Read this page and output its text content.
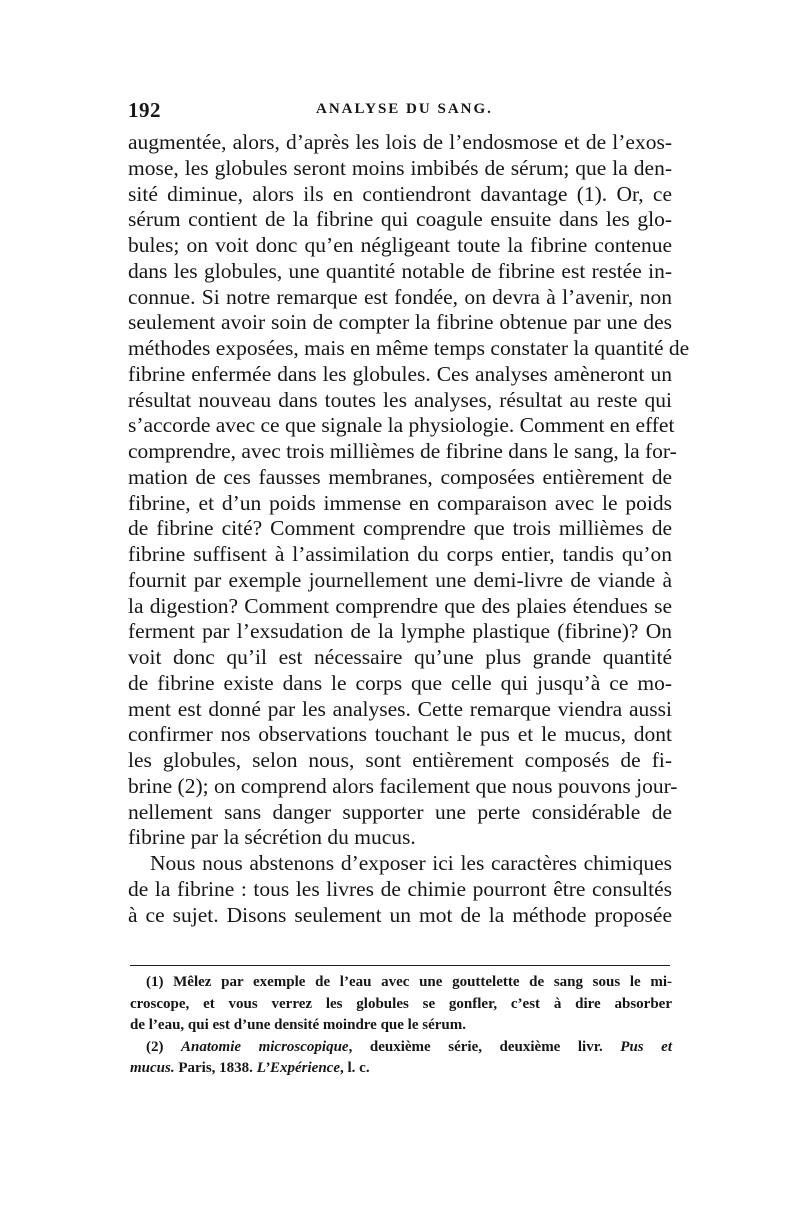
192	ANALYSE DU SANG.
augmentée, alors, d’après les lois de l’endosmose et de l’exos-
mose, les globules seront moins imbibés de sérum; que la den-
sité diminue, alors ils en contiendront davantage (1). Or, ce
sérum contient de la fibrine qui coagule ensuite dans les glo-
bules; on voit donc qu’en négligeant toute la fibrine contenue
dans les globules, une quantité notable de fibrine est restée in-
connue. Si notre remarque est fondée, on devra à l’avenir, non
seulement avoir soin de compter la fibrine obtenue par une des
méthodes exposées, mais en même temps constater la quantité de
fibrine enfermée dans les globules. Ces analyses amèneront un
résultat nouveau dans toutes les analyses, résultat au reste qui
s’accorde avec ce que signale la physiologie. Comment en effet
comprendre, avec trois millièmes de fibrine dans le sang, la for-
mation de ces fausses membranes, composées entièrement de
fibrine, et d’un poids immense en comparaison avec le poids
de fibrine cité? Comment comprendre que trois millièmes de
fibrine suffisent à l’assimilation du corps entier, tandis qu’on
fournit par exemple journellement une demi-livre de viande à
la digestion? Comment comprendre que des plaies étendues se
ferment par l’exsudation de la lymphe plastique (fibrine)? On
voit donc qu’il est nécessaire qu’une plus grande quantité
de fibrine existe dans le corps que celle qui jusqu’à ce mo-
ment est donné par les analyses. Cette remarque viendra aussi
confirmer nos observations touchant le pus et le mucus, dont
les globules, selon nous, sont entièrement composés de fi-
brine (2); on comprend alors facilement que nous pouvons jour-
nellement sans danger supporter une perte considérable de
fibrine par la sécrétion du mucus.
Nous nous abstenons d’exposer ici les caractères chimiques
de la fibrine : tous les livres de chimie pourront être consultés
à ce sujet. Disons seulement un mot de la méthode proposée
(1) Mêlez par exemple de l’eau avec une gouttelette de sang sous le mi-
croscope, et vous verrez les globules se gonfler, c’est à dire absorber
de l’eau, qui est d’une densité moindre que le sérum.
(2) Anatomie microscopique, deuxième série, deuxième livr. Pus et
mucus. Paris, 1838. L’Expérience, l. c.
